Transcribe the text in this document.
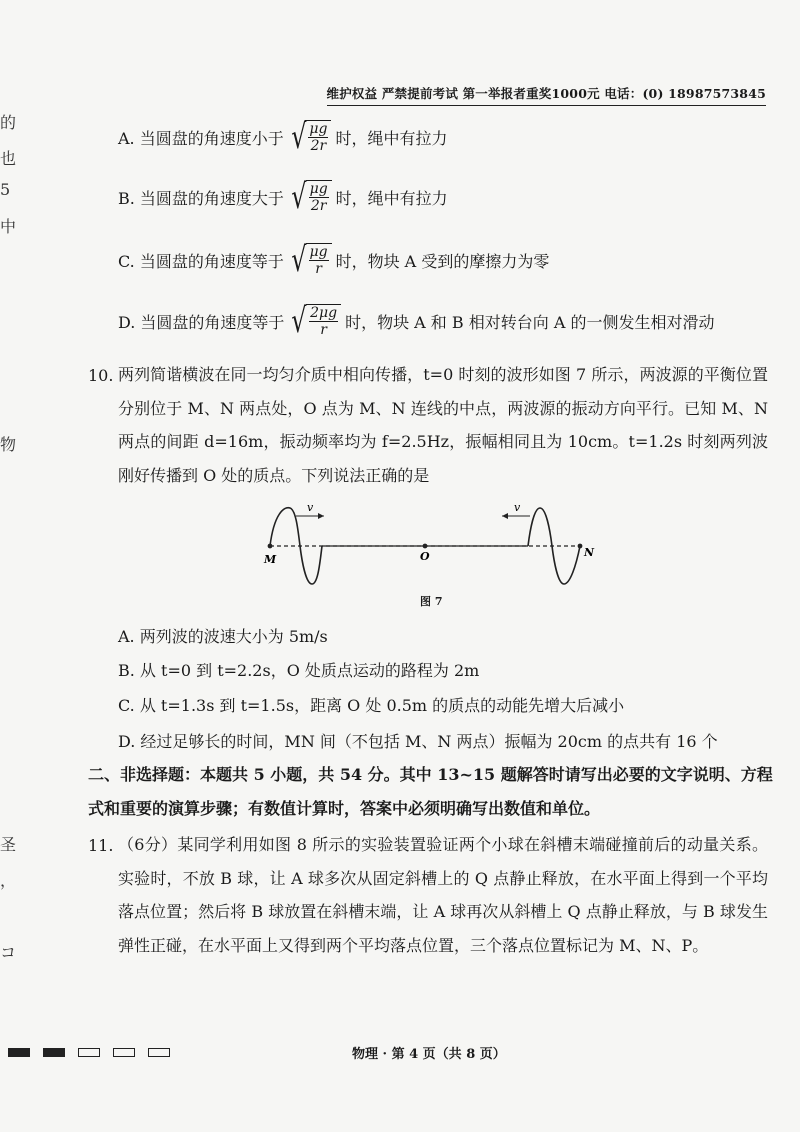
维护权益 严禁提前考试 第一举报者重奖1000元 电话：(0) 18987573845
的
也
5
中
物
圣
，
コ
A. 当圆盘的角速度小于 √ $\frac{\mu g}{2r}$ 时，绳中有拉力
B. 当圆盘的角速度大于 √ $\frac{\mu g}{2r}$ 时，绳中有拉力
C. 当圆盘的角速度等于 √ $\frac{\mu g}{r}$ 时，物块 A 受到的摩擦力为零
D. 当圆盘的角速度等于 √ $\frac{2\mu g}{r}$ 时，物块 A 和 B 相对转台向 A 的一侧发生相对滑动
10. 两列简谐横波在同一均匀介质中相向传播，t=0 时刻的波形如图 7 所示，两波源的平衡位置分别位于 M、N 两点处，O 点为 M、N 连线的中点，两波源的振动方向平行。已知 M、N 两点的间距 d=16m，振动频率均为 f=2.5Hz，振幅相同且为 10cm。t=1.2s 时刻两列波刚好传播到 O 处的质点。下列说法正确的是

v	v
M	O	N
图 7
A. 两列波的波速大小为 5m/s
B. 从 t=0 到 t=2.2s，O 处质点运动的路程为 2m
C. 从 t=1.3s 到 t=1.5s，距离 O 处 0.5m 的质点的动能先增大后减小
D. 经过足够长的时间，MN 间（不包括 M、N 两点）振幅为 20cm 的点共有 16 个

二、非选择题：本题共 5 小题，共 54 分。其中 13~15 题解答时请写出必要的文字说明、方程式和重要的演算步骤；有数值计算时，答案中必须明确写出数值和单位。

11. （6分）某同学利用如图 8 所示的实验装置验证两个小球在斜槽末端碰撞前后的动量关系。实验时，不放 B 球，让 A 球多次从固定斜槽上的 Q 点静止释放，在水平面上得到一个平均落点位置；然后将 B 球放置在斜槽末端，让 A 球再次从斜槽上 Q 点静止释放，与 B 球发生弹性正碰，在水平面上又得到两个平均落点位置，三个落点位置标记为 M、N、P。

物理 · 第 4 页（共 8 页）
